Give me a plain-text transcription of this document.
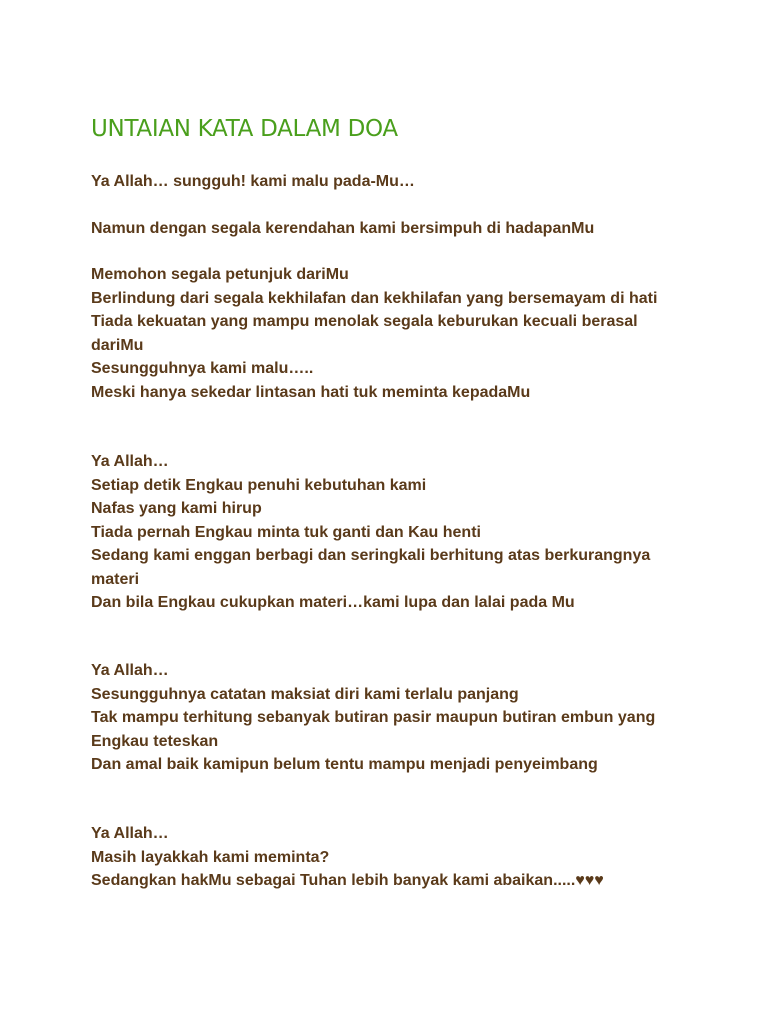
UNTAIAN KATA DALAM DOA
Ya Allah… sungguh! kami malu pada-Mu…
Namun dengan segala kerendahan kami bersimpuh di hadapanMu
Memohon segala petunjuk dariMu
Berlindung dari segala kekhilafan dan kekhilafan yang bersemayam di hati
Tiada kekuatan yang mampu menolak segala keburukan kecuali berasal
dariMu
Sesungguhnya kami malu…..
Meski hanya sekedar lintasan hati tuk meminta kepadaMu
Ya Allah…
Setiap detik Engkau penuhi kebutuhan kami
Nafas yang kami hirup
Tiada pernah Engkau minta tuk ganti dan Kau henti
Sedang kami enggan berbagi dan seringkali berhitung atas berkurangnya
materi
Dan bila Engkau cukupkan materi…kami lupa dan lalai pada Mu
Ya Allah…
Sesungguhnya catatan maksiat diri kami terlalu panjang
Tak mampu terhitung sebanyak butiran pasir maupun butiran embun yang
Engkau teteskan
Dan amal baik kamipun belum tentu mampu menjadi penyeimbang
Ya Allah…
Masih layakkah kami meminta?
Sedangkan hakMu sebagai Tuhan lebih banyak kami abaikan.....♥♥♥
